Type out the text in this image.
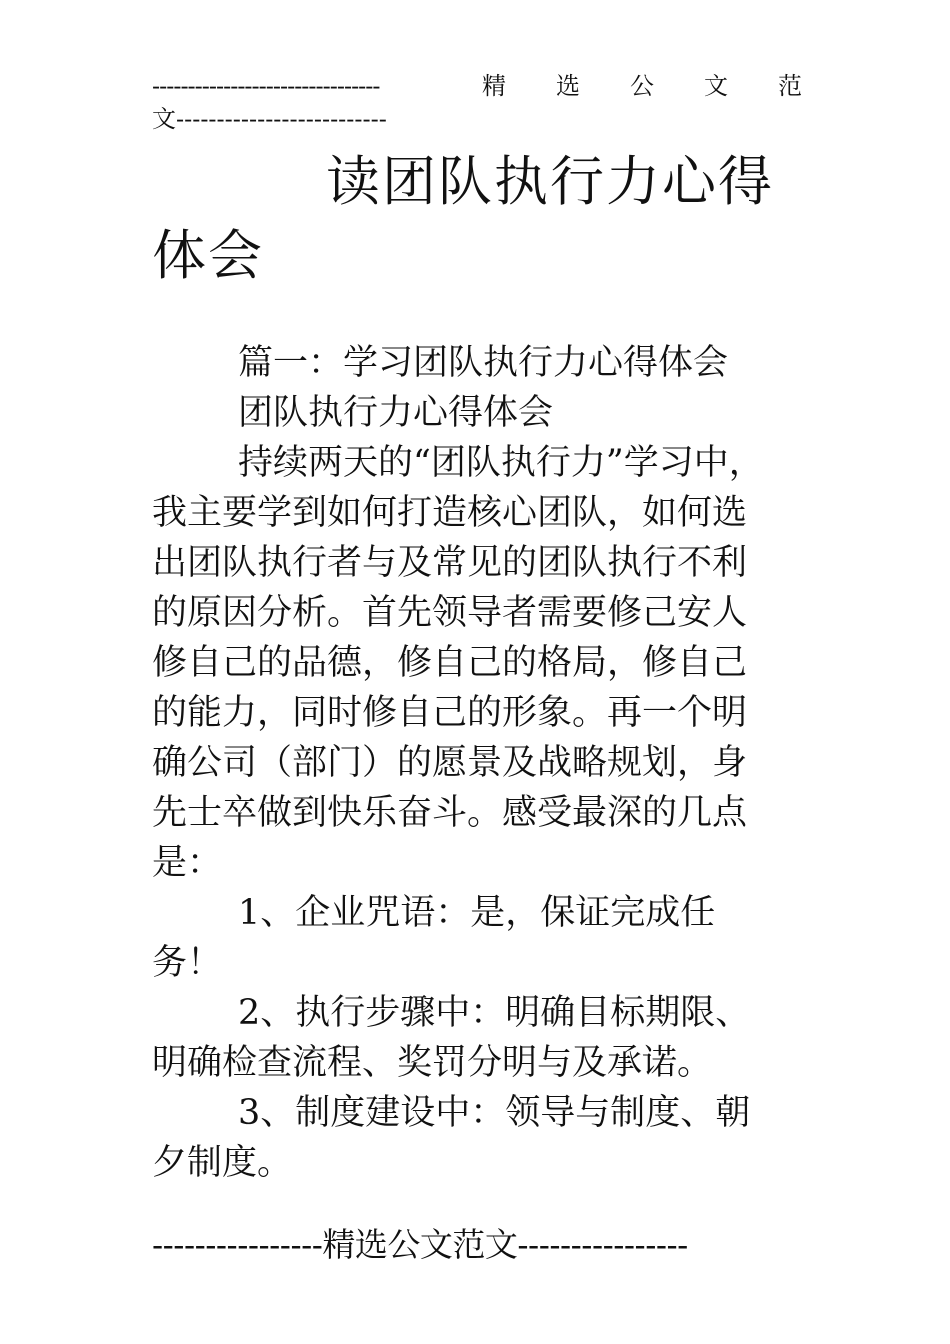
--------------------------------	精 选 公 文 范
文--------------------------
读团队执行力心得
体会

篇一：学习团队执行力心得体会

团队执行力心得体会

持续两天的“团队执行力”学习中，我主要学到如何打造核心团队，如何选出团队执行者与及常见的团队执行不利的原因分析。首先领导者需要修己安人修自己的品德，修自己的格局，修自己的能力，同时修自己的形象。再一个明确公司（部门）的愿景及战略规划，身先士卒做到快乐奋斗。感受最深的几点是：

1、企业咒语：是，保证完成任务！

2、执行步骤中：明确目标期限、明确检查流程、奖罚分明与及承诺。

3、制度建设中：领导与制度、朝夕制度。

----------------精选公文范文----------------
